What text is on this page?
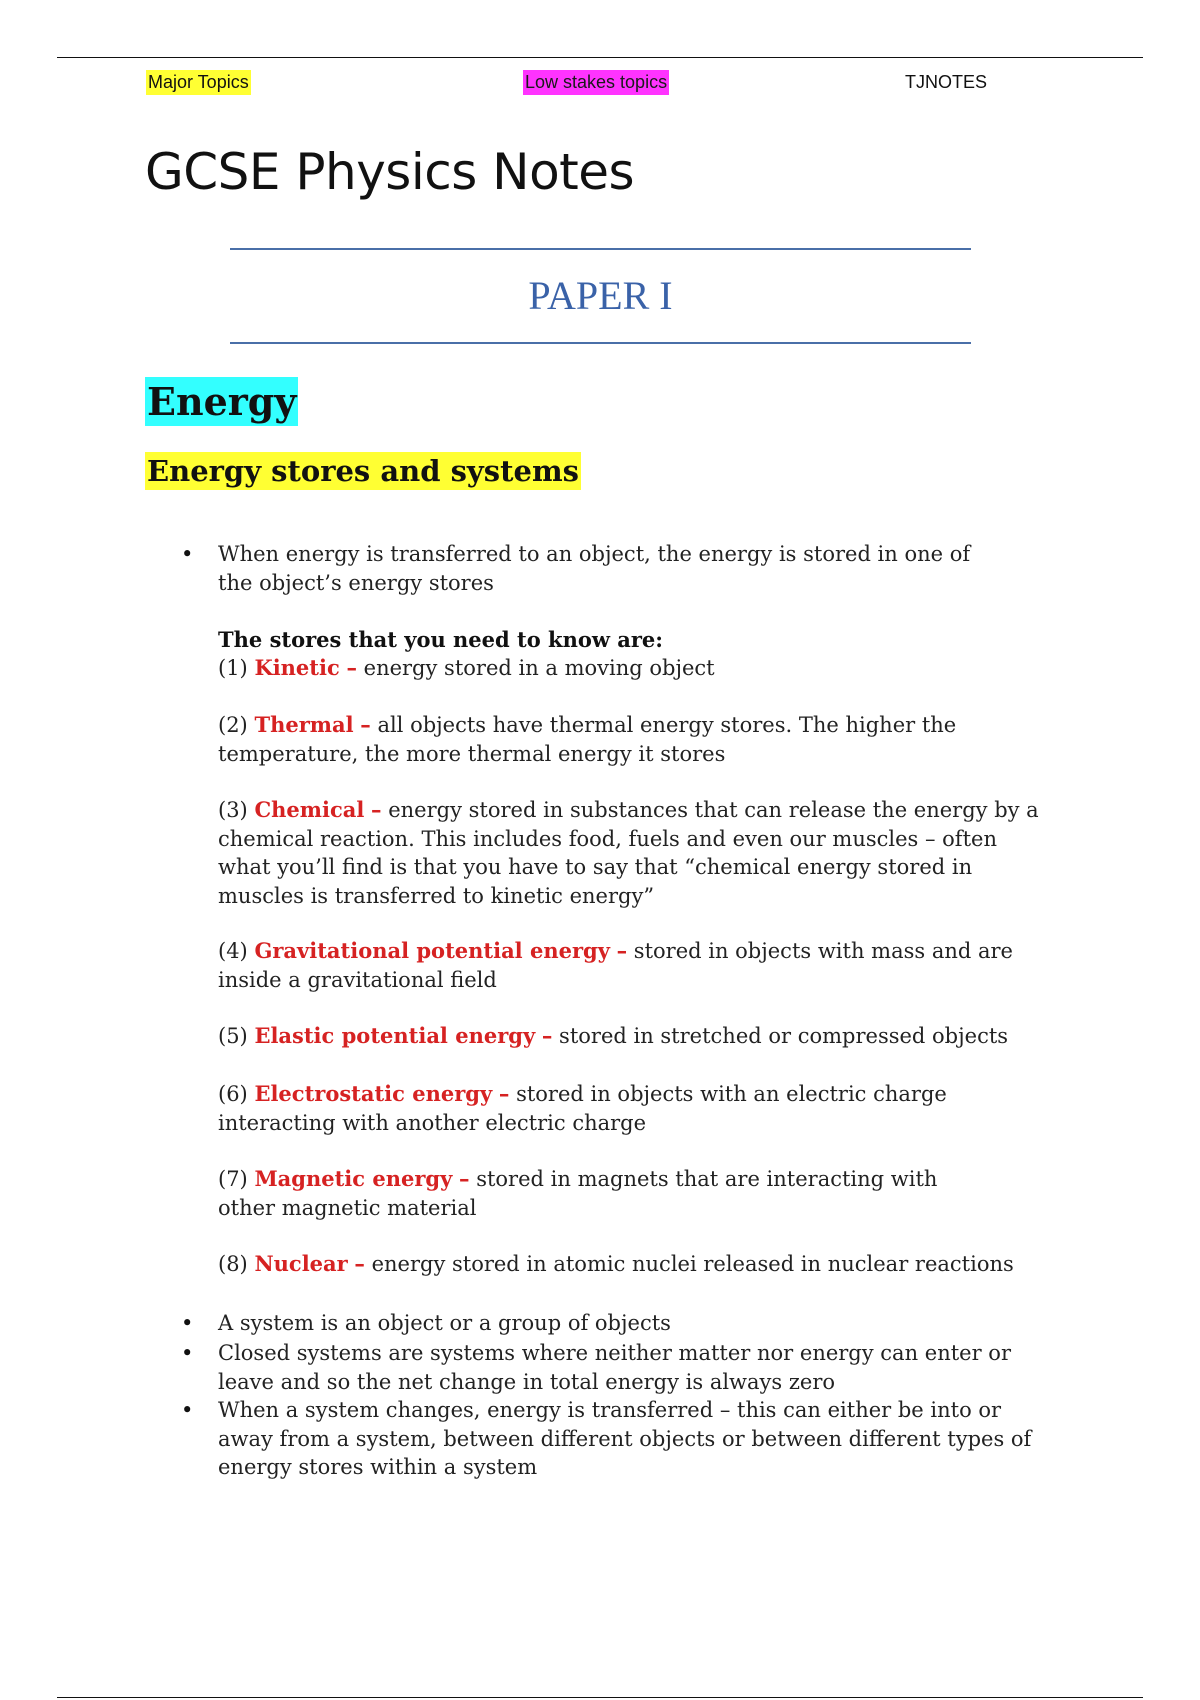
Major Topics	Low stakes topics	TJNOTES
GCSE Physics Notes
PAPER I
Energy
Energy stores and systems
• When energy is transferred to an object, the energy is stored in one of the object’s energy stores

The stores that you need to know are:

(1) Kinetic – energy stored in a moving object

(2) Thermal – all objects have thermal energy stores. The higher the temperature, the more thermal energy it stores

(3) Chemical – energy stored in substances that can release the energy by a chemical reaction. This includes food, fuels and even our muscles – often what you’ll find is that you have to say that “chemical energy stored in muscles is transferred to kinetic energy”

(4) Gravitational potential energy – stored in objects with mass and are inside a gravitational field

(5) Elastic potential energy – stored in stretched or compressed objects

(6) Electrostatic energy – stored in objects with an electric charge interacting with another electric charge

(7) Magnetic energy – stored in magnets that are interacting with other magnetic material

(8) Nuclear – energy stored in atomic nuclei released in nuclear reactions

• A system is an object or a group of objects

• Closed systems are systems where neither matter nor energy can enter or leave and so the net change in total energy is always zero

• When a system changes, energy is transferred – this can either be into or away from a system, between different objects or between different types of energy stores within a system
